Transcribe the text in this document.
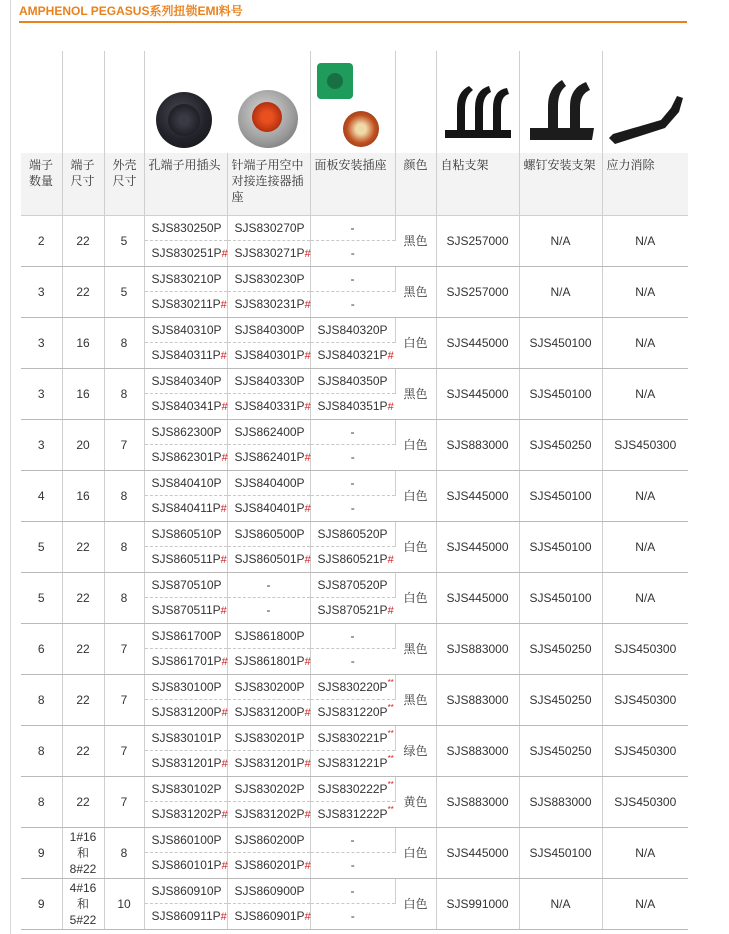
AMPHENOL PEGASUS系列扭锁EMI料号

端子数量	端子尺寸	外壳尺寸	孔端子用插头	针端子用空中对接连接器插座	面板安装插座	颜色	自粘支架	螺钉安装支架	应力消除

2	22	5	SJS830250P	SJS830270P	-	黑色	SJS257000	N/A	N/A

			SJS830251P#	SJS830271P#	-				

3	22	5	SJS830210P	SJS830230P	-	黑色	SJS257000	N/A	N/A

			SJS830211P#	SJS830231P#	-				

3	16	8	SJS840310P	SJS840300P	SJS840320P	白色	SJS445000	SJS450100	N/A

			SJS840311P#	SJS840301P#	SJS840321P#				

3	16	8	SJS840340P	SJS840330P	SJS840350P	黑色	SJS445000	SJS450100	N/A

			SJS840341P#	SJS840331P#	SJS840351P#				

3	20	7	SJS862300P	SJS862400P	-	白色	SJS883000	SJS450250	SJS450300

			SJS862301P#	SJS862401P#	-				

4	16	8	SJS840410P	SJS840400P	-	白色	SJS445000	SJS450100	N/A

			SJS840411P#	SJS840401P#	-				

5	22	8	SJS860510P	SJS860500P	SJS860520P	白色	SJS445000	SJS450100	N/A

			SJS860511P#	SJS860501P#	SJS860521P#				

5	22	8	SJS870510P	-	SJS870520P	白色	SJS445000	SJS450100	N/A

			SJS870511P#	-	SJS870521P#				

6	22	7	SJS861700P	SJS861800P	-	黑色	SJS883000	SJS450250	SJS450300

			SJS861701P#	SJS861801P#	-				

8	22	7	SJS830100P	SJS830200P	SJS830220P**	黑色	SJS883000	SJS450250	SJS450300

			SJS831200P#	SJS831200P#	SJS831220P**

8	22	7	SJS830101P	SJS830201P	SJS830221P**	绿色	SJS883000	SJS450250	SJS450300

			SJS831201P#	SJS831201P#	SJS831221P**

8	22	7	SJS830102P	SJS830202P	SJS830222P**	黄色	SJS883000	SJS883000	SJS450300

			SJS831202P#	SJS831202P#	SJS831222P**

9	1#16
和
8#22	8	SJS860100P	SJS860200P	-	白色	SJS445000	SJS450100	N/A

			SJS860101P#	SJS860201P#	-				

9	4#16
和
5#22	10	SJS860910P	SJS860900P	-	白色	SJS991000	N/A	N/A

			SJS860911P#	SJS860901P#	-				
